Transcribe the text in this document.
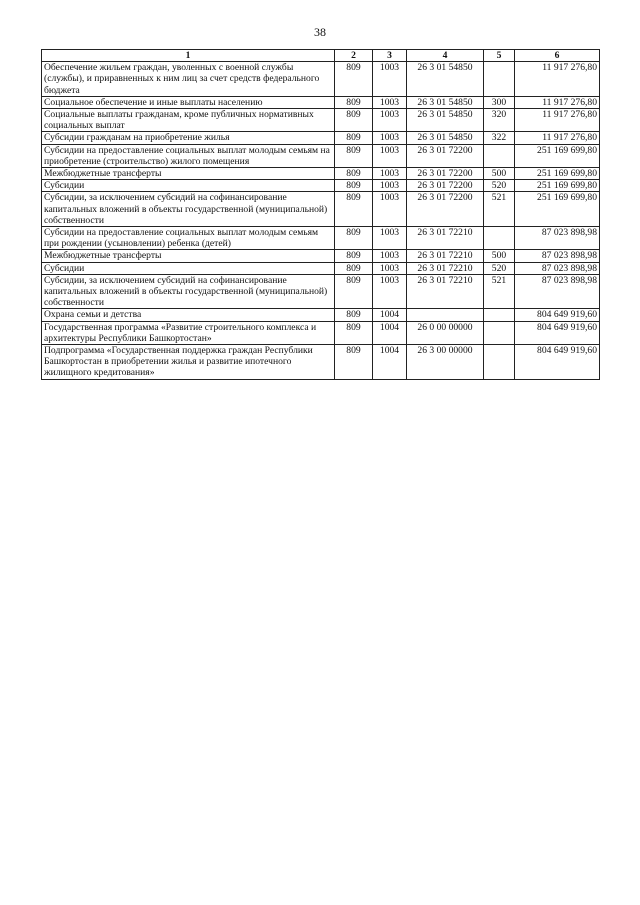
38
1	2	3	4	5	6
Обеспечение жильем граждан, уволенных с военной службы (службы), и приравненных к ним лиц за счет средств федерального бюджета	809	1003	26 3 01 54850		11 917 276,80
Социальное обеспечение и иные выплаты населению	809	1003	26 3 01 54850	300	11 917 276,80
Социальные выплаты гражданам, кроме публичных нормативных социальных выплат	809	1003	26 3 01 54850	320	11 917 276,80
Субсидии гражданам на приобретение жилья	809	1003	26 3 01 54850	322	11 917 276,80
Субсидии на предоставление социальных выплат молодым семьям на приобретение (строительство) жилого помещения	809	1003	26 3 01 72200		251 169 699,80
Межбюджетные трансферты	809	1003	26 3 01 72200	500	251 169 699,80
Субсидии	809	1003	26 3 01 72200	520	251 169 699,80
Субсидии, за исключением субсидий на софинансирование капитальных вложений в объекты государственной (муниципальной) собственности	809	1003	26 3 01 72200	521	251 169 699,80
Субсидии на предоставление социальных выплат молодым семьям при рождении (усыновлении) ребенка (детей)	809	1003	26 3 01 72210		87 023 898,98
Межбюджетные трансферты	809	1003	26 3 01 72210	500	87 023 898,98
Субсидии	809	1003	26 3 01 72210	520	87 023 898,98
Субсидии, за исключением субсидий на софинансирование капитальных вложений в объекты государственной (муниципальной) собственности	809	1003	26 3 01 72210	521	87 023 898,98
Охрана семьи и детства	809	1004			804 649 919,60
Государственная программа «Развитие строительного комплекса и архитектуры Республики Башкортостан»	809	1004	26 0 00 00000		804 649 919,60
Подпрограмма «Государственная поддержка граждан Республики Башкортостан в приобретении жилья и развитие ипотечного жилищного кредитования»	809	1004	26 3 00 00000		804 649 919,60
